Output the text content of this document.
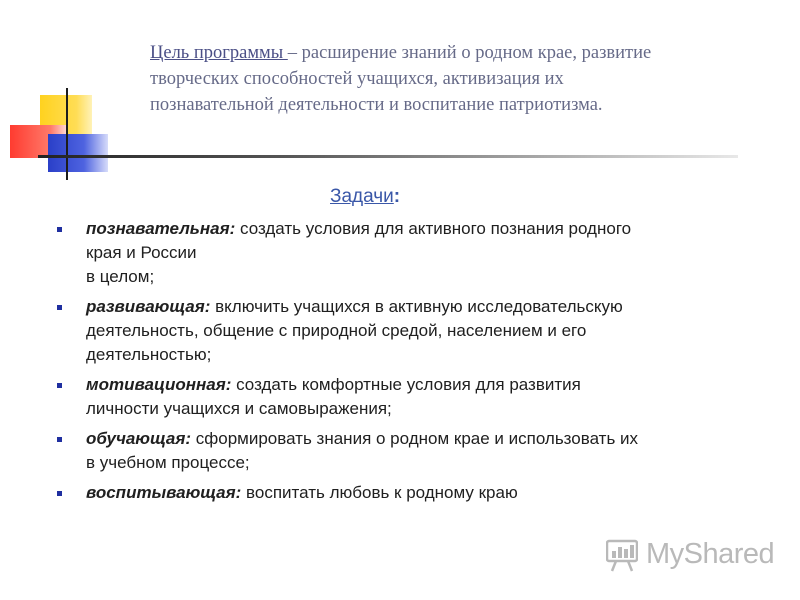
Цель программы – расширение знаний о родном крае, развитие
творческих способностей учащихся, активизация их
познавательной деятельности и воспитание патриотизма.
Задачи:
познавательная: создать условия для активного познания родного
края и России
в целом;
развивающая: включить учащихся в активную исследовательскую
деятельность, общение с природной средой, населением и его
деятельностью;
мотивационная: создать комфортные условия для развития
личности учащихся и самовыражения;
обучающая: сформировать знания о родном крае и использовать их
в учебном процессе;
воспитывающая: воспитать любовь к родному краю
MyShared
